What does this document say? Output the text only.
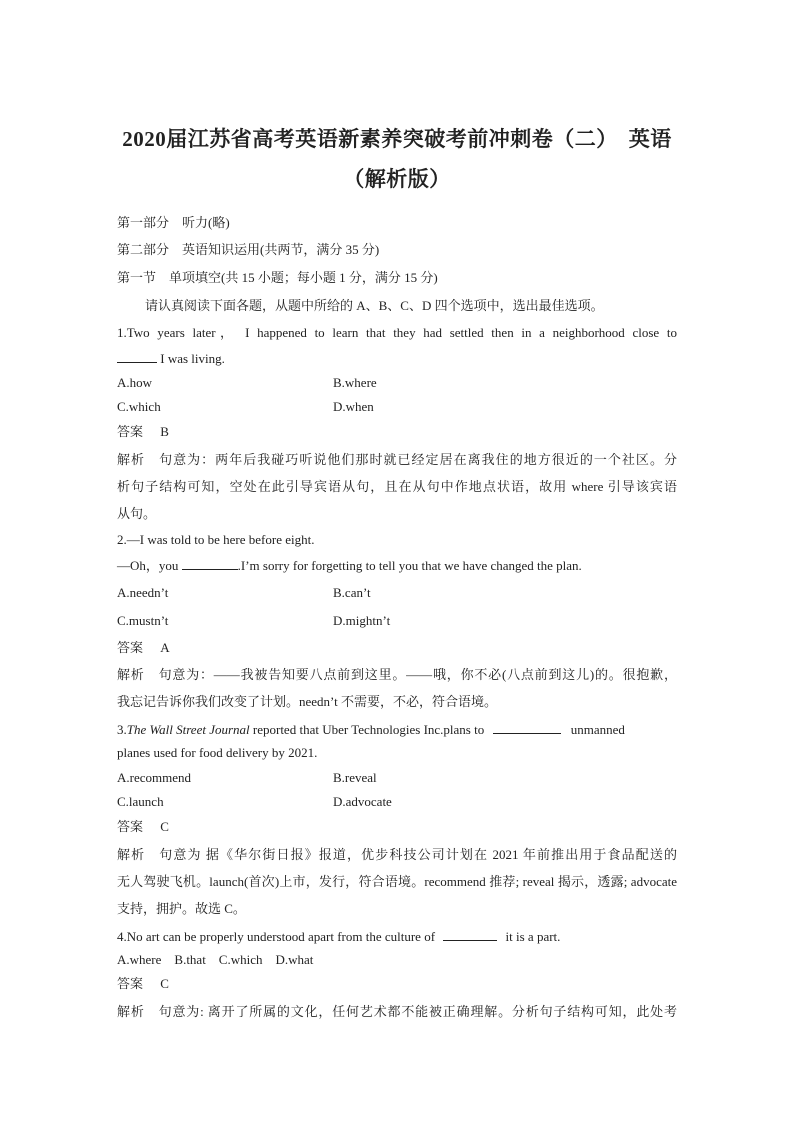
2020届江苏省高考英语新素养突破考前冲刺卷（二）　英语
（解析版）
第一部分　听力(略)
第二部分　英语知识运用(共两节，满分 35 分)
第一节　单项填空(共 15 小题；每小题 1 分，满分 15 分)
请认真阅读下面各题，从题中所给的 A、B、C、D 四个选项中，选出最佳选项。
1.Two years later， I happened to learn that they had settled then in a neighborhood close to
I was living.
A.how	B.where
C.which	D.when
答案 B
解析 句意为：两年后我碰巧听说他们那时就已经定居在离我住的地方很近的一个社区。分
析句子结构可知，空处在此引导宾语从句，且在从句中作地点状语，故用 where 引导该宾语
从句。
2.—I was told to be here before eight.
—Oh，you	.I’m sorry for forgetting to tell you that we have changed the plan.
A.needn’t	B.can’t
C.mustn’t	D.mightn’t
答案 A
解析 句意为：——我被告知要八点前到这里。——哦，你不必(八点前到这儿)的。很抱歉，
我忘记告诉你我们改变了计划。needn’t 不需要，不必，符合语境。
3.The Wall Street Journal reported that Uber Technologies Inc.plans to	unmanned
planes used for food delivery by 2021.
A.recommend	B.reveal
C.launch	D.advocate
答案 C
解析 句意为 据《华尔街日报》报道，优步科技公司计划在 2021 年前推出用于食品配送的
无人驾驶飞机。launch(首次)上市，发行，符合语境。recommend 推荐; reveal 揭示，透露; advocate
支持，拥护。故选 C。
4.No art can be properly understood apart from the culture of	it is a part.
A.where　B.that　C.which　D.what
答案 C
解析 句意为: 离开了所属的文化，任何艺术都不能被正确理解。分析句子结构可知，此处考
